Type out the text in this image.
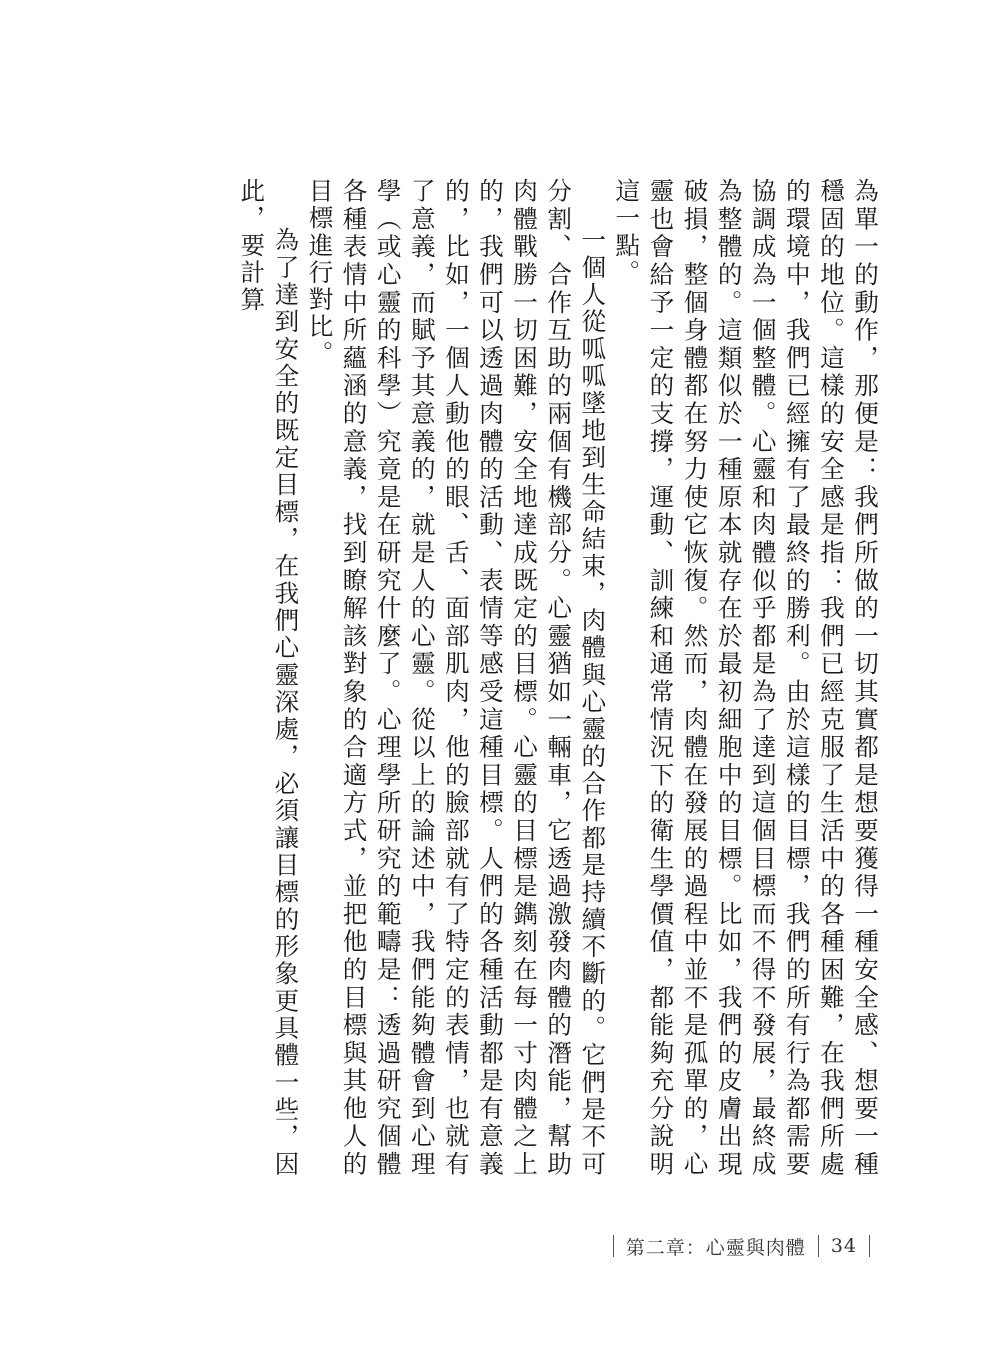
為單一的動作，那便是：我們所做的一切其實都是想要獲得一種安全感、想要一種穩固的地位。這樣的安全感是指：我們已經克服了生活中的各種困難，在我們所處的環境中，我們已經擁有了最終的勝利。由於這樣的目標，我們的所有行為都需要協調成為一個整體。心靈和肉體似乎都是為了達到這個目標而不得不發展，最終成為整體的。這類似於一種原本就存在於最初細胞中的目標。比如，我們的皮膚出現破損，整個身體都在努力使它恢復。然而，肉體在發展的過程中並不是孤單的，心靈也會給予一定的支撐，運動、訓練和通常情況下的衛生學價值，都能夠充分說明這一點。

一個人從呱呱墜地到生命結束，肉體與心靈的合作都是持續不斷的。它們是不可分割、合作互助的兩個有機部分。心靈猶如一輛車，它透過激發肉體的潛能，幫助肉體戰勝一切困難，安全地達成既定的目標。心靈的目標是鐫刻在每一寸肉體之上的，我們可以透過肉體的活動、表情等感受這種目標。人們的各種活動都是有意義的，比如，一個人動他的眼、舌、面部肌肉，他的臉部就有了特定的表情，也就有了意義，而賦予其意義的，就是人的心靈。從以上的論述中，我們能夠體會到心理學（或心靈的科學）究竟是在研究什麼了。心理學所研究的範疇是：透過研究個體各種表情中所蘊涵的意義，找到瞭解該對象的合適方式，並把他的目標與其他人的目標進行對比。

為了達到安全的既定目標，在我們心靈深處，必須讓目標的形象更具體一些，因此，要計算

第二章：心靈與肉體 34
